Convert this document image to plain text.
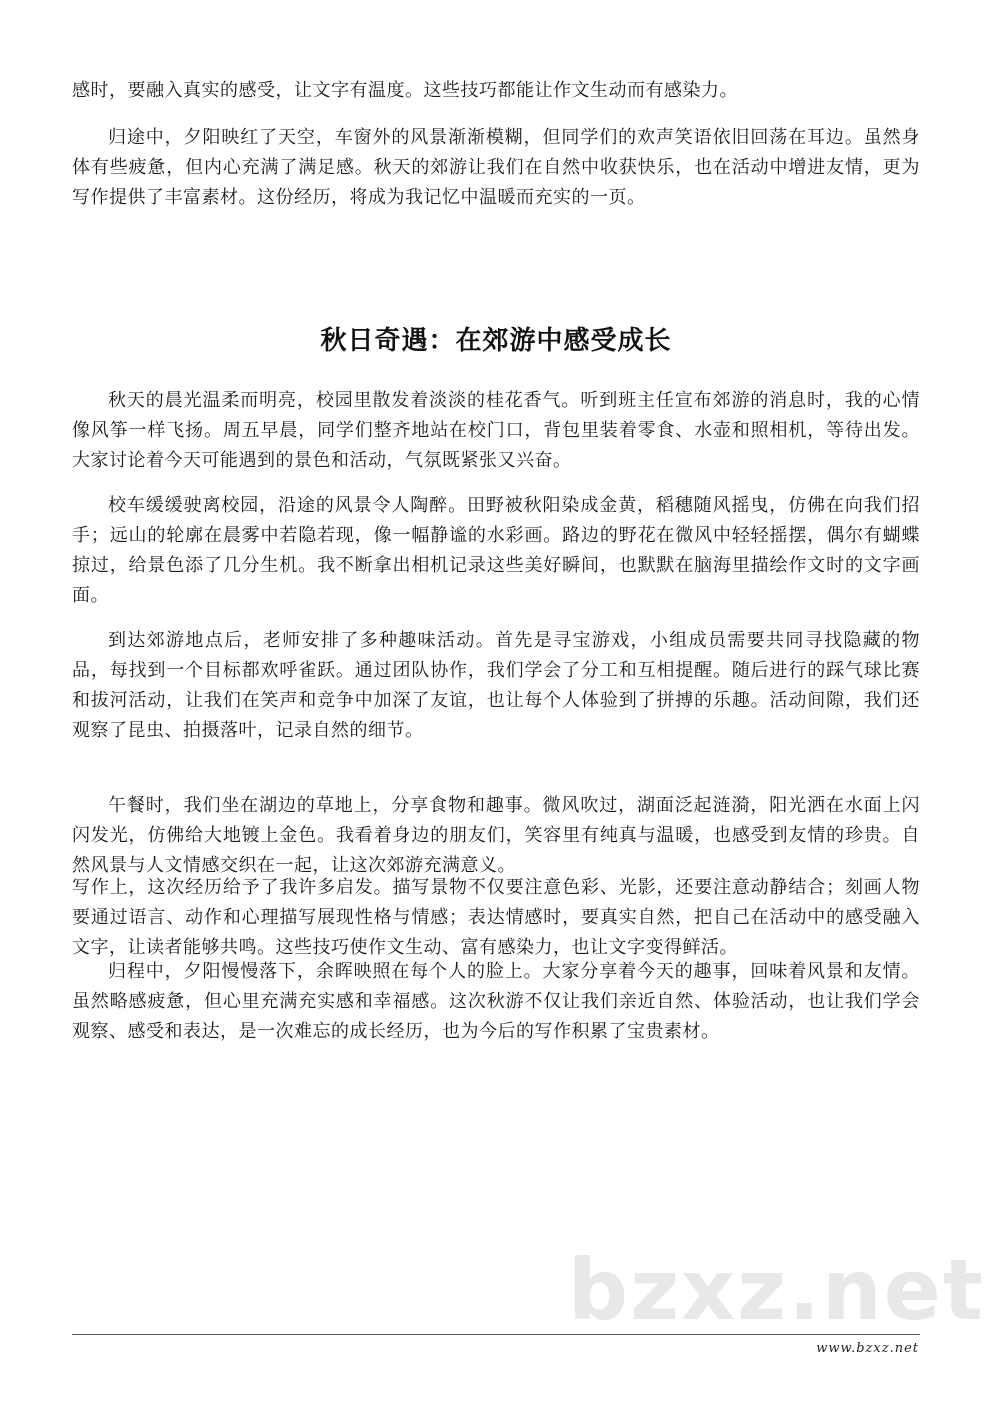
感时，要融入真实的感受，让文字有温度。这些技巧都能让作文生动而有感染力。

归途中，夕阳映红了天空，车窗外的风景渐渐模糊，但同学们的欢声笑语依旧回荡在耳边。虽然身体有些疲惫，但内心充满了满足感。秋天的郊游让我们在自然中收获快乐，也在活动中增进友情，更为写作提供了丰富素材。这份经历，将成为我记忆中温暖而充实的一页。

秋日奇遇：在郊游中感受成长

秋天的晨光温柔而明亮，校园里散发着淡淡的桂花香气。听到班主任宣布郊游的消息时，我的心情像风筝一样飞扬。周五早晨，同学们整齐地站在校门口，背包里装着零食、水壶和照相机，等待出发。大家讨论着今天可能遇到的景色和活动，气氛既紧张又兴奋。

校车缓缓驶离校园，沿途的风景令人陶醉。田野被秋阳染成金黄，稻穗随风摇曳，仿佛在向我们招手；远山的轮廓在晨雾中若隐若现，像一幅静谧的水彩画。路边的野花在微风中轻轻摇摆，偶尔有蝴蝶掠过，给景色添了几分生机。我不断拿出相机记录这些美好瞬间，也默默在脑海里描绘作文时的文字画面。

到达郊游地点后，老师安排了多种趣味活动。首先是寻宝游戏，小组成员需要共同寻找隐藏的物品，每找到一个目标都欢呼雀跃。通过团队协作，我们学会了分工和互相提醒。随后进行的踩气球比赛和拔河活动，让我们在笑声和竞争中加深了友谊，也让每个人体验到了拼搏的乐趣。活动间隙，我们还观察了昆虫、拍摄落叶，记录自然的细节。

午餐时，我们坐在湖边的草地上，分享食物和趣事。微风吹过，湖面泛起涟漪，阳光洒在水面上闪闪发光，仿佛给大地镀上金色。我看着身边的朋友们，笑容里有纯真与温暖，也感受到友情的珍贵。自然风景与人文情感交织在一起，让这次郊游充满意义。

写作上，这次经历给予了我许多启发。描写景物不仅要注意色彩、光影，还要注意动静结合；刻画人物要通过语言、动作和心理描写展现性格与情感；表达情感时，要真实自然，把自己在活动中的感受融入文字，让读者能够共鸣。这些技巧使作文生动、富有感染力，也让文字变得鲜活。

归程中，夕阳慢慢落下，余晖映照在每个人的脸上。大家分享着今天的趣事，回味着风景和友情。虽然略感疲惫，但心里充满充实感和幸福感。这次秋游不仅让我们亲近自然、体验活动，也让我们学会观察、感受和表达，是一次难忘的成长经历，也为今后的写作积累了宝贵素材。

bzxz.net
www.bzxz.net
